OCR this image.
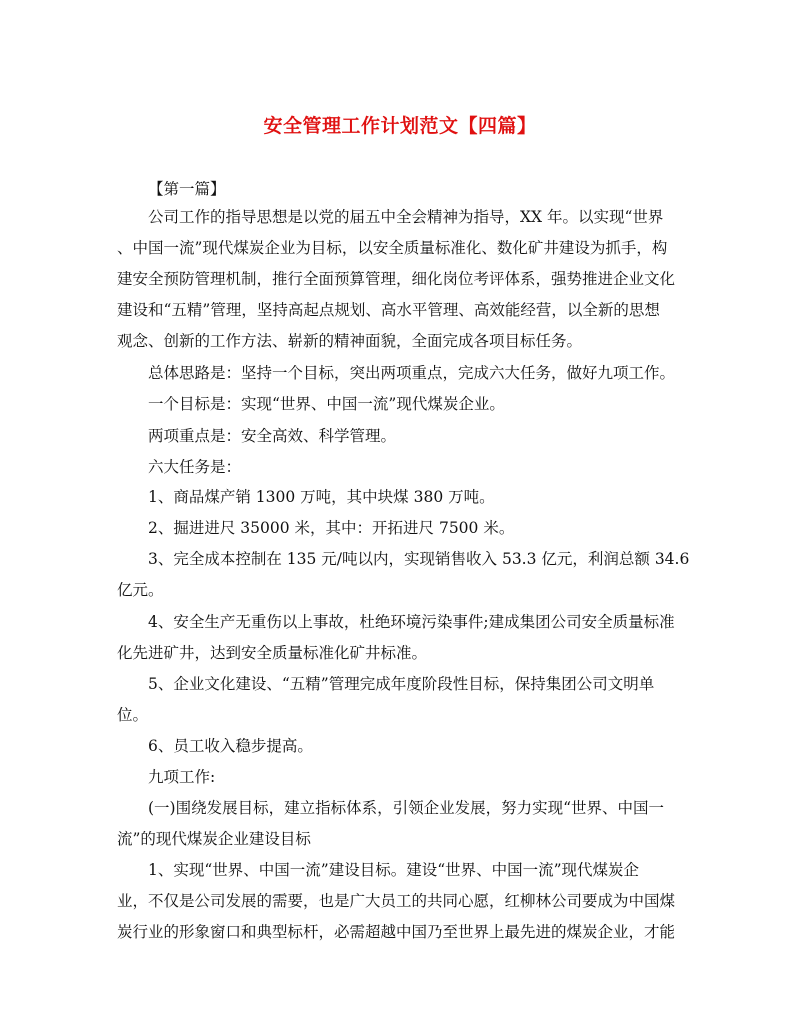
安全管理工作计划范文【四篇】
【第一篇】
公司工作的指导思想是以党的届五中全会精神为指导，XX 年。以实现“世界
、中国一流”现代煤炭企业为目标，以安全质量标准化、数化矿井建设为抓手，构
建安全预防管理机制，推行全面预算管理，细化岗位考评体系，强势推进企业文化
建设和“五精”管理，坚持高起点规划、高水平管理、高效能经营，以全新的思想
观念、创新的工作方法、崭新的精神面貌，全面完成各项目标任务。
总体思路是：坚持一个目标，突出两项重点，完成六大任务，做好九项工作。
一个目标是：实现“世界、中国一流”现代煤炭企业。
两项重点是：安全高效、科学管理。
六大任务是：
1、商品煤产销 1300 万吨，其中块煤 380 万吨。
2、掘进进尺 35000 米，其中：开拓进尺 7500 米。
3、完全成本控制在 135 元/吨以内，实现销售收入 53.3 亿元，利润总额 34.6
亿元。
4、安全生产无重伤以上事故，杜绝环境污染事件;建成集团公司安全质量标准
化先进矿井，达到安全质量标准化矿井标准。
5、企业文化建设、“五精”管理完成年度阶段性目标，保持集团公司文明单
位。
6、员工收入稳步提高。
九项工作:
(一)围绕发展目标，建立指标体系，引领企业发展，努力实现“世界、中国一
流”的现代煤炭企业建设目标
1、实现“世界、中国一流”建设目标。建设“世界、中国一流”现代煤炭企
业，不仅是公司发展的需要，也是广大员工的共同心愿，红柳林公司要成为中国煤
炭行业的形象窗口和典型标杆，必需超越中国乃至世界上最先进的煤炭企业，才能
